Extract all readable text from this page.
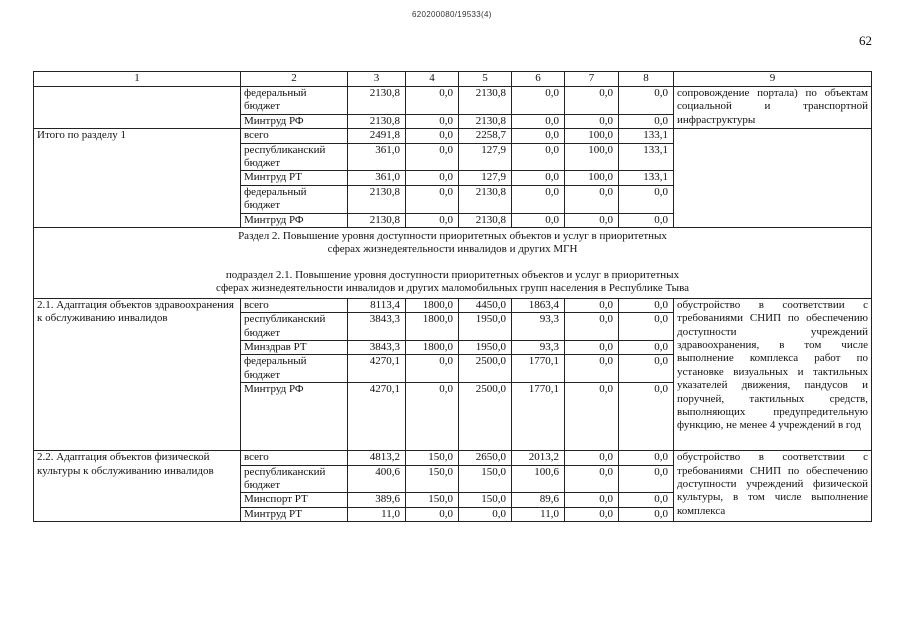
620200080/19533(4)
62
1	2	3	4	5	6	7	8	9
	федеральный бюджет	2130,8	0,0	2130,8	0,0	0,0	0,0	сопровождение портала) по объектам социальной и транспортной инфраструктуры
	Минтруд РФ	2130,8	0,0	2130,8	0,0	0,0	0,0	
Итого по разделу 1	всего	2491,8	0,0	2258,7	0,0	100,0	133,1	
	республиканский бюджет	361,0	0,0	127,9	0,0	100,0	133,1	
	Минтруд РТ	361,0	0,0	127,9	0,0	100,0	133,1	
	федеральный бюджет	2130,8	0,0	2130,8	0,0	0,0	0,0	
	Минтруд РФ	2130,8	0,0	2130,8	0,0	0,0	0,0	

Раздел 2. Повышение уровня доступности приоритетных объектов и услуг в приоритетных
сферах жизнедеятельности инвалидов и других МГН

подраздел 2.1. Повышение уровня доступности приоритетных объектов и услуг в приоритетных
сферах жизнедеятельности инвалидов и других маломобильных групп населения в Республике Тыва								

2.1. Адаптация объектов здравоохранения к обслуживанию инвалидов	всего	8113,4	1800,0	4450,0	1863,4	0,0	0,0	обустройство в соответствии с требованиями СНИП по обеспечению доступности учреждений здравоохранения, в том числе выполнение комплекса работ по установке визуальных и тактильных указателей движения, пандусов и поручней, тактильных средств, выполняющих предупредительную функцию, не менее 4 учреждений в год
	республиканский бюджет	3843,3	1800,0	1950,0	93,3	0,0	0,0	
	Минздрав РТ	3843,3	1800,0	1950,0	93,3	0,0	0,0	
	федеральный бюджет	4270,1	0,0	2500,0	1770,1	0,0	0,0	
	Минтруд РФ	4270,1	0,0	2500,0	1770,1	0,0	0,0	
2.2. Адаптация объектов физической культуры к обслуживанию инвалидов	всего	4813,2	150,0	2650,0	2013,2	0,0	0,0	обустройство в соответствии с требованиями СНИП по обеспечению доступности учреждений физической культуры, в том числе выполнение комплекса
	республиканский бюджет	400,6	150,0	150,0	100,6	0,0	0,0	
	Минспорт РТ	389,6	150,0	150,0	89,6	0,0	0,0	
	Минтруд РТ	11,0	0,0	0,0	11,0	0,0	0,0	
